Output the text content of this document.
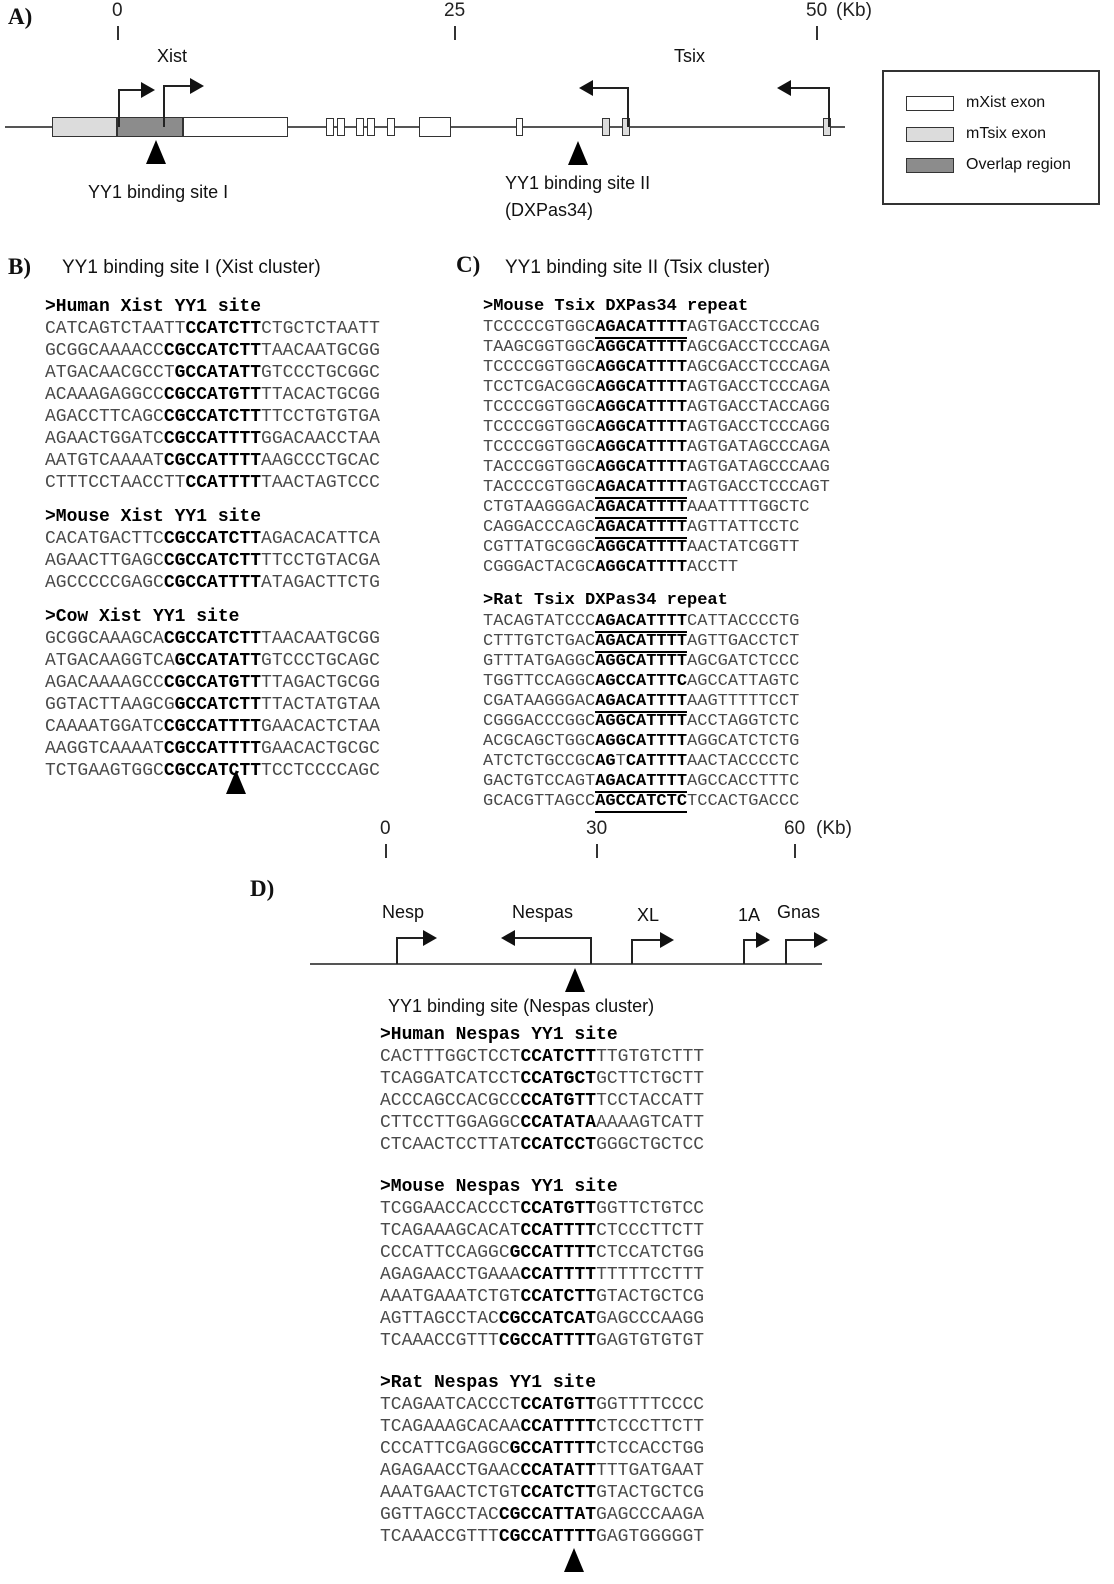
A)	0	25	50 (Kb)
Xist	Tsix
YY1 binding site I	YY1 binding site II
(DXPas34)
mXist exon
mTsix exon
Overlap region
B) YY1 binding site I (Xist cluster)
>Human Xist YY1 site
CATCAGTCTAATTCCATCTTCTGCTCTAATT
GCGGCAAAACCCGCCATCTTTAACAATGCGG
ATGACAACGCCTGCCATATTGTCCCTGCGGC
ACAAAGAGGCCCGCCATGTTTTACACTGCGG
AGACCTTCAGCCGCCATCTTTTCCTGTGTGA
AGAACTGGATCCGCCATTTTGGACAACCTAA
AATGTCAAAATCGCCATTTTAAGCCCTGCAC
CTTTCCTAACCTTCCATTTTTAACTAGTCCC
>Mouse Xist YY1 site
CACATGACTTCCGCCATCTTAGACACATTCA
AGAACTTGAGCCGCCATCTTTTCCTGTACGA
AGCCCCCGAGCCGCCATTTTATAGACTTCTG
>Cow Xist YY1 site
GCGGCAAAGCACGCCATCTTTAACAATGCGG
ATGACAAGGTCAGCCATATTGTCCCTGCAGC
AGACAAAAGCCCGCCATGTTTTAGACTGCGG
GGTACTTAAGCGGCCATCTTTTACTATGTAA
CAAAATGGATCCGCCATTTTGAACACTCTAA
AAGGTCAAAATCGCCATTTTGAACACTGCGC
TCTGAAGTGGCCGCCATCTTTCCTCCCCAGC
C) YY1 binding site II (Tsix cluster)
>Mouse Tsix DXPas34 repeat
TCCCCCGTGGCAGACATTTTAGTGACCTCCCAG
TAAGCGGTGGCAGGCATTTTAGCGACCTCCCAGA
TCCCCGGTGGCAGGCATTTTAGCGACCTCCCAGA
TCCTCGACGGCAGGCATTTTAGTGACCTCCCAGA
TCCCCGGTGGCAGGCATTTTAGTGACCTACCAGG
TCCCCGGTGGCAGGCATTTTAGTGACCTCCCAGG
TCCCCGGTGGCAGGCATTTTAGTGATAGCCCAGA
TACCCGGTGGCAGGCATTTTAGTGATAGCCCAAG
TACCCCGTGGCAGACATTTTAGTGACCTCCCAGT
CTGTAAGGGACAGACATTTTAAATTTTGGCTC
CAGGACCCAGCAGACATTTTAGTTATTCCTC
CGTTATGCGGCAGGCATTTTAACTATCGGTT
CGGGACTACGCAGGCATTTTACCTT
>Rat Tsix DXPas34 repeat
TACAGTATCCCAGACATTTTCATTACCCCTG
CTTTGTCTGACAGACATTTTAGTTGACCTCT
GTTTATGAGGCAGGCATTTTAGCGATCTCCC
TGGTTCCAGGCAGCCATTTCAGCCATTAGTC
CGATAAGGGACAGACATTTTAAGTTTTTCCT
CGGGACCCGGCAGGCATTTTACCTAGGTCTC
ACGCAGCTGGCAGGCATTTTAGGCATCTCTG
ATCTCTGCCGCAGTCATTTTAACTACCCCTC
GACTGTCCAGTAGACATTTTAGCCACCTTTC
GCACGTTAGCCAGCCATCTCTCCACTGACCC
0	30	60 (Kb)
D)
Nesp	Nespas	XL	1A Gnas
YY1 binding site (Nespas cluster)
>Human Nespas YY1 site
CACTTTGGCTCCTCCATCTTTTGTGTCTTT
TCAGGATCATCCTCCATGCTGCTTCTGCTT
ACCCAGCCACGCCCCATGTTTCCTACCATT
CTTCCTTGGAGGCCCATATAAAAAGTCATT
CTCAACTCCTTATCCATCCTGGGCTGCTCC
>Mouse Nespas YY1 site
TCGGAACCACCCTCCATGTTGGTTCTGTCC
TCAGAAAGCACATCCATTTTCTCCCTTCTT
CCCATTCCAGGCGCCATTTTCTCCATCTGG
AGAGAACCTGAAACCATTTTTTTTTCCTTT
AAATGAAATCTGTCCATCTTGTACTGCTCG
AGTTAGCCTACCGCCATCATGAGCCCAAGG
TCAAACCGTTTCGCCATTTTGAGTGTGTGT
>Rat Nespas YY1 site
TCAGAATCACCCTCCATGTTGGTTTTCCCC
TCAGAAAGCACAACCATTTTCTCCCTTCTT
CCCATTCGAGGCGCCATTTTCTCCACCTGG
AGAGAACCTGAACCCATATTTTTGATGAAT
AAATGAACTCTGTCCATCTTGTACTGCTCG
GGTTAGCCTACCGCCATTATGAGCCCAAGA
TCAAACCGTTTCGCCATTTTGAGTGGGGGT
